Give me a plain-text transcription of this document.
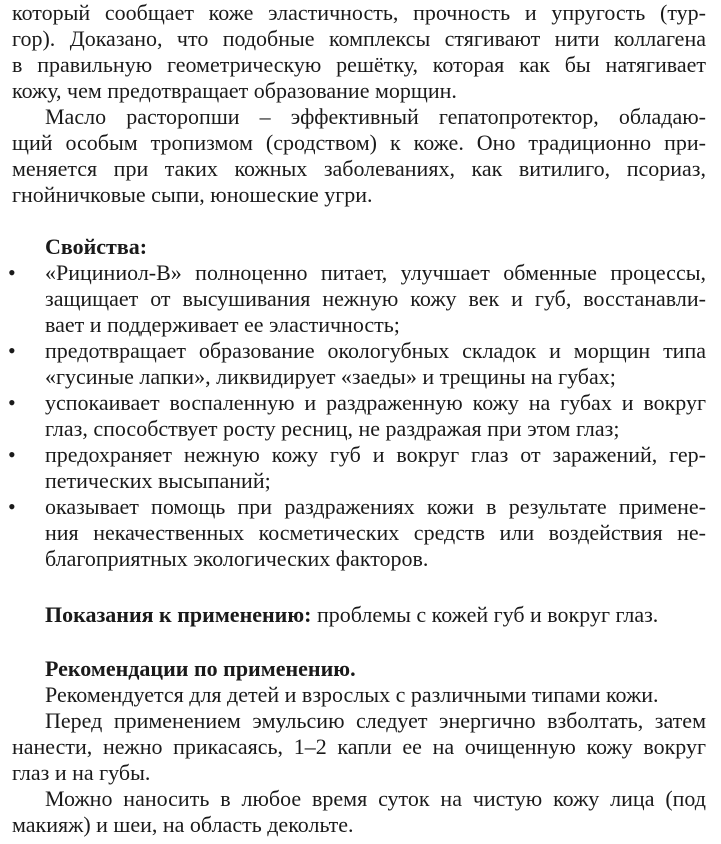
который сообщает коже эластичность, прочность и упругость (тур-
гор). Доказано, что подобные комплексы стягивают нити коллагена
в правильную геометрическую решётку, которая как бы натягивает
кожу, чем предотвращает образование морщин.
Масло расторопши – эффективный гепатопротектор, обладаю-
щий особым тропизмом (сродством) к коже. Оно традиционно при-
меняется при таких кожных заболеваниях, как витилиго, псориаз,
гнойничковые сыпи, юношеские угри.
Свойства:
• «Рициниол-В» полноценно питает, улучшает обменные процессы,
защищает от высушивания нежную кожу век и губ, восстанавли-
вает и поддерживает ее эластичность;
• предотвращает образование окологубных складок и морщин типа
«гусиные лапки», ликвидирует «заеды» и трещины на губах;
• успокаивает воспаленную и раздраженную кожу на губах и вокруг
глаз, способствует росту ресниц, не раздражая при этом глаз;
• предохраняет нежную кожу губ и вокруг глаз от заражений, гер-
петических высыпаний;
• оказывает помощь при раздражениях кожи в результате примене-
ния некачественных косметических средств или воздействия не-
благоприятных экологических факторов.
Показания к применению: проблемы с кожей губ и вокруг глаз.
Рекомендации по применению.
Рекомендуется для детей и взрослых с различными типами кожи.
Перед применением эмульсию следует энергично взболтать, затем
нанести, нежно прикасаясь, 1–2 капли ее на очищенную кожу вокруг
глаз и на губы.
Можно наносить в любое время суток на чистую кожу лица (под
макияж) и шеи, на область декольте.
